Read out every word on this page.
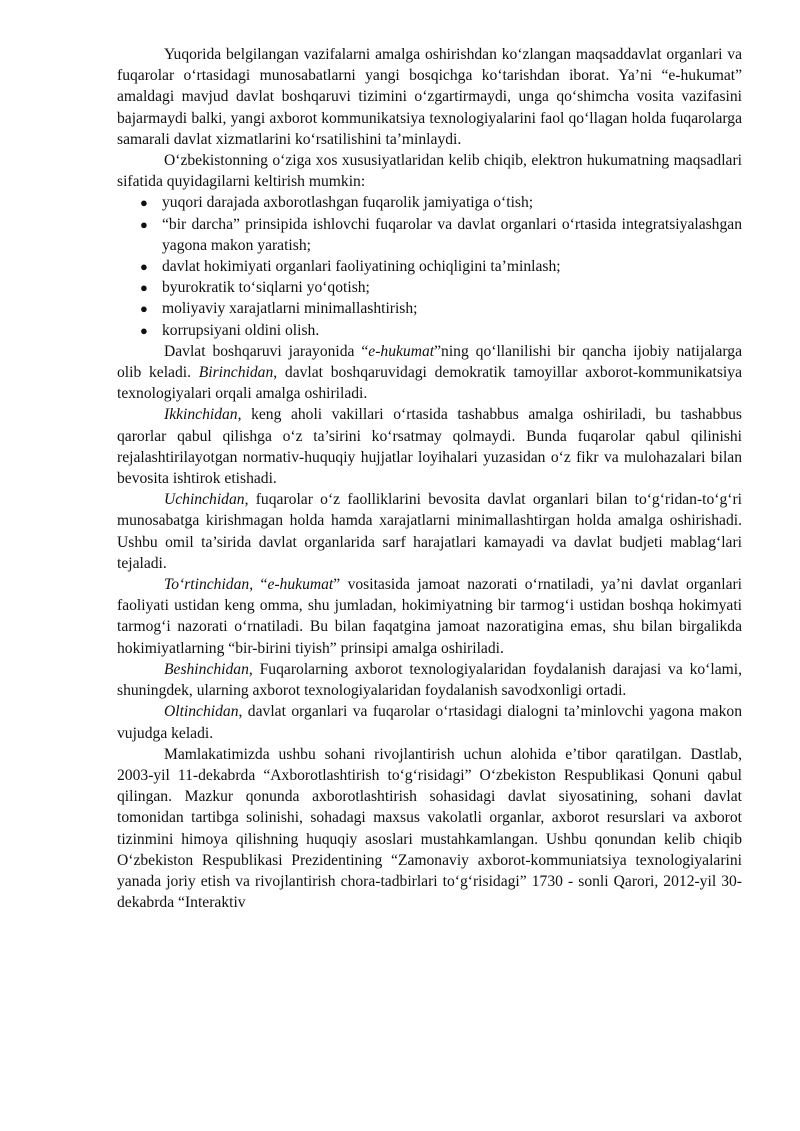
Yuqorida belgilangan vazifalarni amalga oshirishdan ko‘zlangan maqsaddavlat organlari va fuqarolar o‘rtasidagi munosabatlarni yangi bosqichga ko‘tarishdan iborat. Ya’ni “e-hukumat” amaldagi mavjud davlat boshqaruvi tizimini o‘zgartirmaydi, unga qo‘shimcha vosita vazifasini bajarmaydi balki, yangi axborot kommunikatsiya texnologiyalarini faol qo‘llagan holda fuqarolarga samarali davlat xizmatlarini ko‘rsatilishini ta’minlaydi.

O‘zbekistonning o‘ziga xos xususiyatlaridan kelib chiqib, elektron hukumatning maqsadlari sifatida quyidagilarni keltirish mumkin:

● yuqori darajada axborotlashgan fuqarolik jamiyatiga o‘tish;
● “bir darcha” prinsipida ishlovchi fuqarolar va davlat organlari o‘rtasida integratsiyalashgan yagona makon yaratish;
● davlat hokimiyati organlari faoliyatining ochiqligini ta’minlash;
● byurokratik to‘siqlarni yo‘qotish;
● moliyaviy xarajatlarni minimallashtirish;
● korrupsiyani oldini olish.

Davlat boshqaruvi jarayonida “e-hukumat”ning qo‘llanilishi bir qancha ijobiy natijalarga olib keladi. Birinchidan, davlat boshqaruvidagi demokratik tamoyillar axborot-kommunikatsiya texnologiyalari orqali amalga oshiriladi.

Ikkinchidan, keng aholi vakillari o‘rtasida tashabbus amalga oshiriladi, bu tashabbus qarorlar qabul qilishga o‘z ta’sirini ko‘rsatmay qolmaydi. Bunda fuqarolar qabul qilinishi rejalashtirilayotgan normativ-huquqiy hujjatlar loyihalari yuzasidan o‘z fikr va mulohazalari bilan bevosita ishtirok etishadi.

Uchinchidan, fuqarolar o‘z faolliklarini bevosita davlat organlari bilan to‘g‘ridan-to‘g‘ri munosabatga kirishmagan holda hamda xarajatlarni minimallashtirgan holda amalga oshirishadi. Ushbu omil ta’sirida davlat organlarida sarf harajatlari kamayadi va davlat budjeti mablag‘lari tejaladi.

To‘rtinchidan, “e-hukumat” vositasida jamoat nazorati o‘rnatiladi, ya’ni davlat organlari faoliyati ustidan keng omma, shu jumladan, hokimiyatning bir tarmog‘i ustidan boshqa hokimyati tarmog‘i nazorati o‘rnatiladi. Bu bilan faqatgina jamoat nazoratigina emas, shu bilan birgalikda hokimiyatlarning “bir-birini tiyish” prinsipi amalga oshiriladi.

Beshinchidan, Fuqarolarning axborot texnologiyalaridan foydalanish darajasi va ko‘lami, shuningdek, ularning axborot texnologiyalaridan foydalanish savodxonligi ortadi.

Oltinchidan, davlat organlari va fuqarolar o‘rtasidagi dialogni ta’minlovchi yagona makon vujudga keladi.

Mamlakatimizda ushbu sohani rivojlantirish uchun alohida e’tibor qaratilgan. Dastlab, 2003-yil 11-dekabrda “Axborotlashtirish to‘g‘risidagi” O‘zbekiston Respublikasi Qonuni qabul qilingan. Mazkur qonunda axborotlashtirish sohasidagi davlat siyosatining, sohani davlat tomonidan tartibga solinishi, sohadagi maxsus vakolatli organlar, axborot resurslari va axborot tizinmini himoya qilishning huquqiy asoslari mustahkamlangan. Ushbu qonundan kelib chiqib O‘zbekiston Respublikasi Prezidentining “Zamonaviy axborot-kommuniatsiya texnologiyalarini yanada joriy etish va rivojlantirish chora-tadbirlari to‘g‘risidagi” 1730 - sonli Qarori, 2012-yil 30-dekabrda “Interaktiv
